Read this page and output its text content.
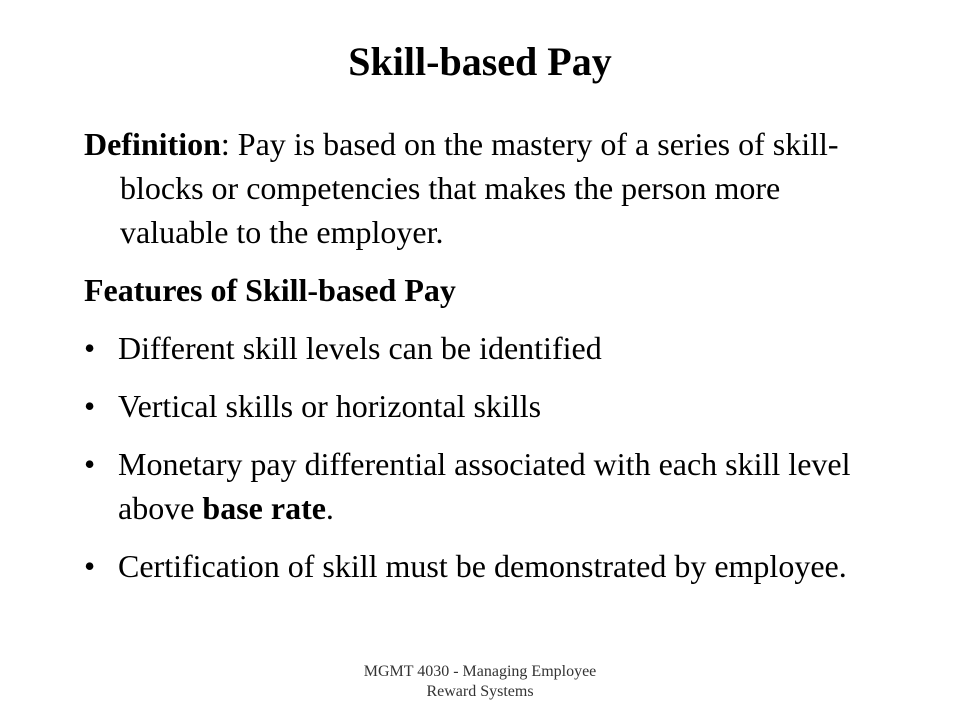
Skill-based Pay

Definition: Pay is based on the mastery of a series of skill-blocks or competencies that makes the person more valuable to the employer.

Features of Skill-based Pay

• Different skill levels can be identified
• Vertical skills or horizontal skills
• Monetary pay differential associated with each skill level above base rate.
• Certification of skill must be demonstrated by employee.
MGMT 4030 - Managing Employee
Reward Systems
